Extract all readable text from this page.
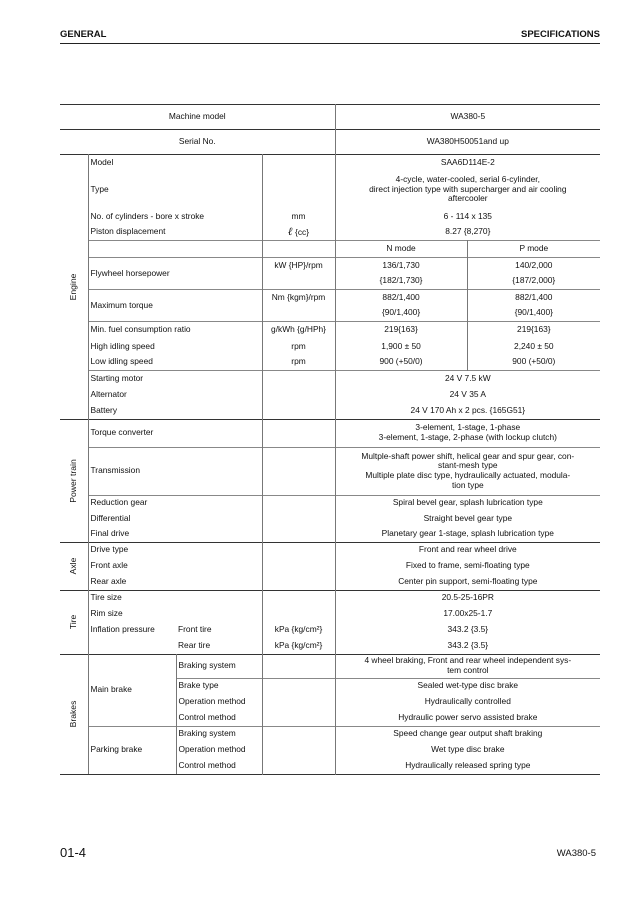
GENERAL	SPECIFICATIONS
Machine model				WA380-5	
Serial No.				WA380H50051and up	

Engine	Model			SAA6D114E-2	
	Type			4-cycle, water-cooled, serial 6-cylinder,
direct injection type with supercharger and air cooling
aftercooler	

	No. of cylinders - bore x stroke		mm	6 - 114 x 135	
	Piston displacement		ℓ {cc}	8.27 {8,270}	
				N mode	P mode
	Flywheel horsepower		kW {HP}/rpm	136/1,730	140/2,000
				{182/1,730}	{187/2,000}
	Maximum torque		Nm {kgm}/rpm	882/1,400	882/1,400
				{90/1,400}	{90/1,400}
	Min. fuel consumption ratio		g/kWh {g/HPh}	219{163}	219{163}
	High idling speed		rpm	1,900 ± 50	2,240 ± 50
	Low idling speed		rpm	900 (+50/0)	900 (+50/0)
	Starting motor			24 V 7.5 kW	
	Alternator			24 V 35 A	
	Battery			24 V 170 Ah x 2 pcs. {165G51}	

Power train	Torque converter			3-element, 1-stage, 1-phase
3-element, 1-stage, 2-phase (with lockup clutch)	

	Transmission			Multple-shaft power shift, helical gear and spur gear, con-
stant-mesh type
Multiple plate disc type, hydraulically actuated, modula-
tion type	

	Reduction gear			Spiral bevel gear, splash lubrication type	
	Differential			Straight bevel gear type	
	Final drive			Planetary gear 1-stage, splash lubrication type	

Axle	Drive type			Front and rear wheel drive	
	Front axle			Fixed to frame, semi-floating type	
	Rear axle			Center pin support, semi-floating type	

Tire	Tire size			20.5-25-16PR	
	Rim size			17.00x25-1.7	
	Inflation pressure	Front tire	kPa {kg/cm²}	343.2 {3.5}	
		Rear tire	kPa {kg/cm²}	343.2 {3.5}	

Brakes	Main brake	Braking system		4 wheel braking, Front and rear wheel independent sys-
tem control	

		Brake type		Sealed wet-type disc brake	
		Operation method		Hydraulically controlled	
		Control method		Hydraulic power servo assisted brake	
	Parking brake	Braking system		Speed change gear output shaft braking	
		Operation method		Wet type disc brake	
		Control method		Hydraulically released spring type	
01-4	WA380-5
